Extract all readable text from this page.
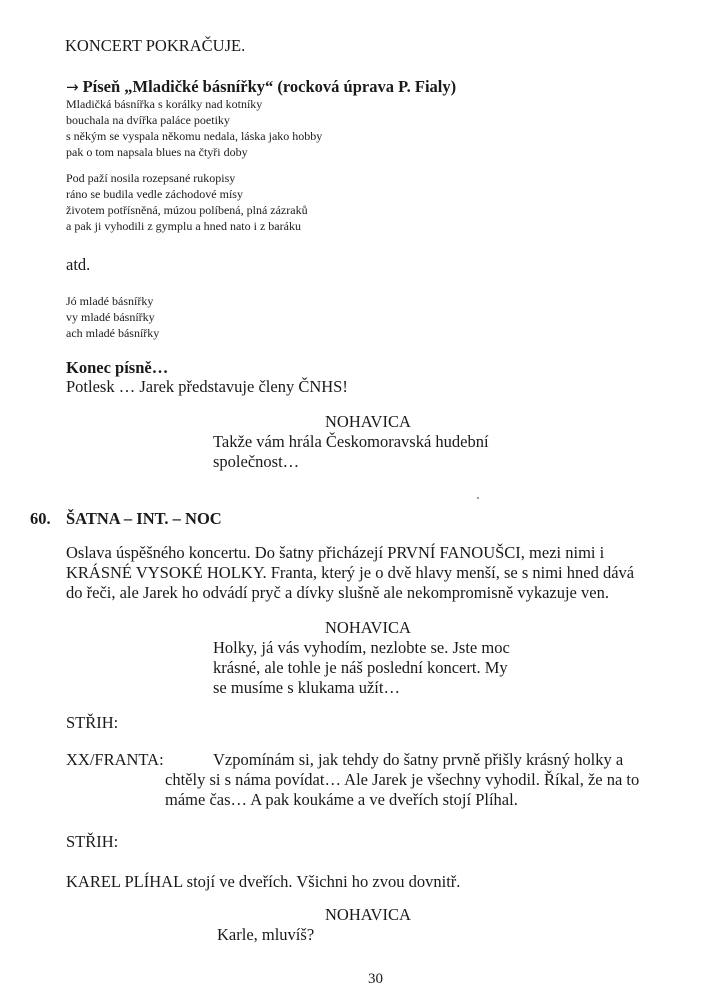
KONCERT POKRAČUJE.
→ Píseň „Mladičké básnířky“ (rocková úprava P. Fialy)
Mladičká básnířka s korálky nad kotníky
bouchala na dvířka paláce poetiky
s někým se vyspala někomu nedala, láska jako hobby
pak o tom napsala blues na čtyři doby
Pod paží nosila rozepsané rukopisy
ráno se budila vedle záchodové mísy
životem potřísněná, múzou políbená, plná zázraků
a pak ji vyhodili z gymplu a hned nato i z baráku
atd.
Jó mladé básnířky
vy mladé básnířky
ach mladé básnířky
Konec písně…
Potlesk … Jarek představuje členy ČNHS!
NOHAVICA
Takže vám hrála Českomoravská hudební
společnost…
60. ŠATNA – INT. – NOC
Oslava úspěšného koncertu. Do šatny přicházejí PRVNÍ FANOUŠCI, mezi nimi i
KRÁSNÉ VYSOKÉ HOLKY. Franta, který je o dvě hlavy menší, se s nimi hned dává
do řeči, ale Jarek ho odvádí pryč a dívky slušně ale nekompromisně vykazuje ven.
NOHAVICA
Holky, já vás vyhodím, nezlobte se. Jste moc
krásné, ale tohle je náš poslední koncert. My
se musíme s klukama užít…
STŘIH:
XX/FRANTA:	Vzpomínám si, jak tehdy do šatny prvně přišly krásný holky a
chtěly si s náma povídat… Ale Jarek je všechny vyhodil. Říkal, že na to
máme čas… A pak koukáme a ve dveřích stojí Plíhal.
STŘIH:
KAREL PLÍHAL stojí ve dveřích. Všichni ho zvou dovnitř.
NOHAVICA
Karle, mluvíš?
30
